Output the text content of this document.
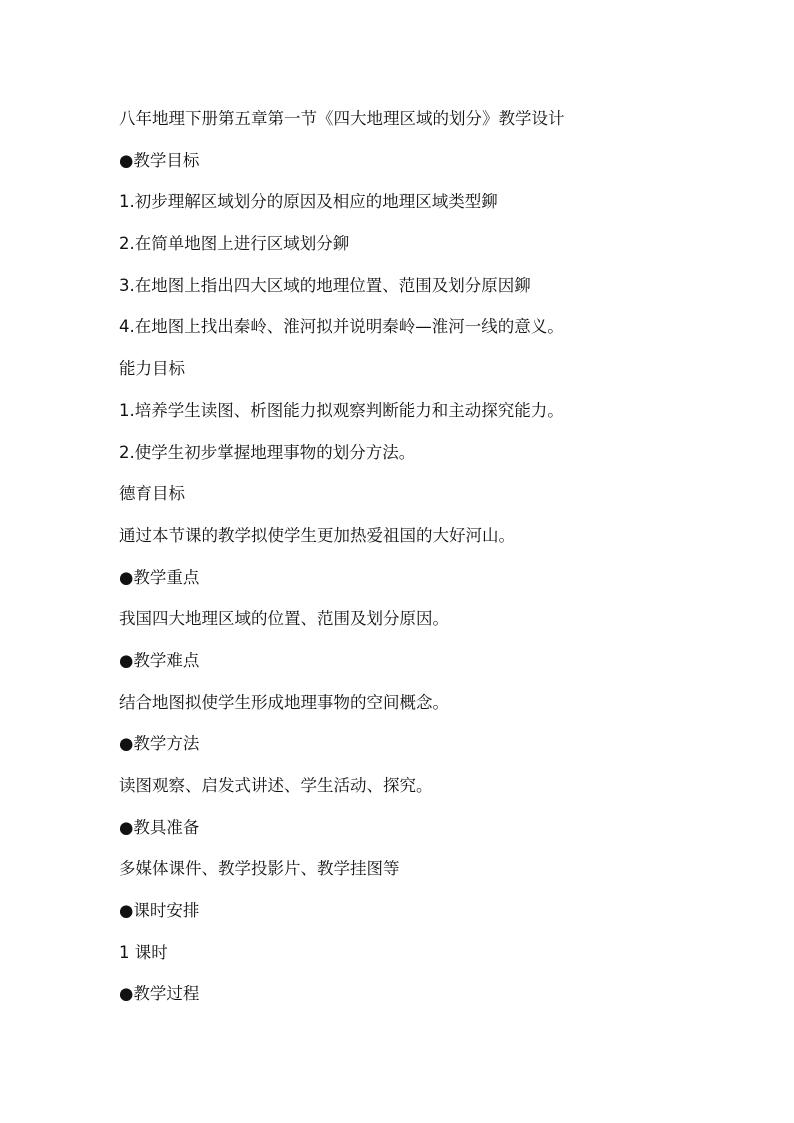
八年地理下册第五章第一节《四大地理区域的划分》教学设计
●教学目标
1.初步理解区域划分的原因及相应的地理区域类型鉚
2.在简单地图上进行区域划分鉚
3.在地图上指出四大区域的地理位置、范围及划分原因鉚
4.在地图上找出秦岭、淮河拟并说明秦岭—淮河一线的意义。
能力目标
1.培养学生读图、析图能力拟观察判断能力和主动探究能力。
2.使学生初步掌握地理事物的划分方法。
德育目标
通过本节课的教学拟使学生更加热爱祖国的大好河山。
●教学重点
我国四大地理区域的位置、范围及划分原因。
●教学难点
结合地图拟使学生形成地理事物的空间概念。
●教学方法
读图观察、启发式讲述、学生活动、探究。
●教具准备
多媒体课件、教学投影片、教学挂图等
●课时安排
1 课时
●教学过程
